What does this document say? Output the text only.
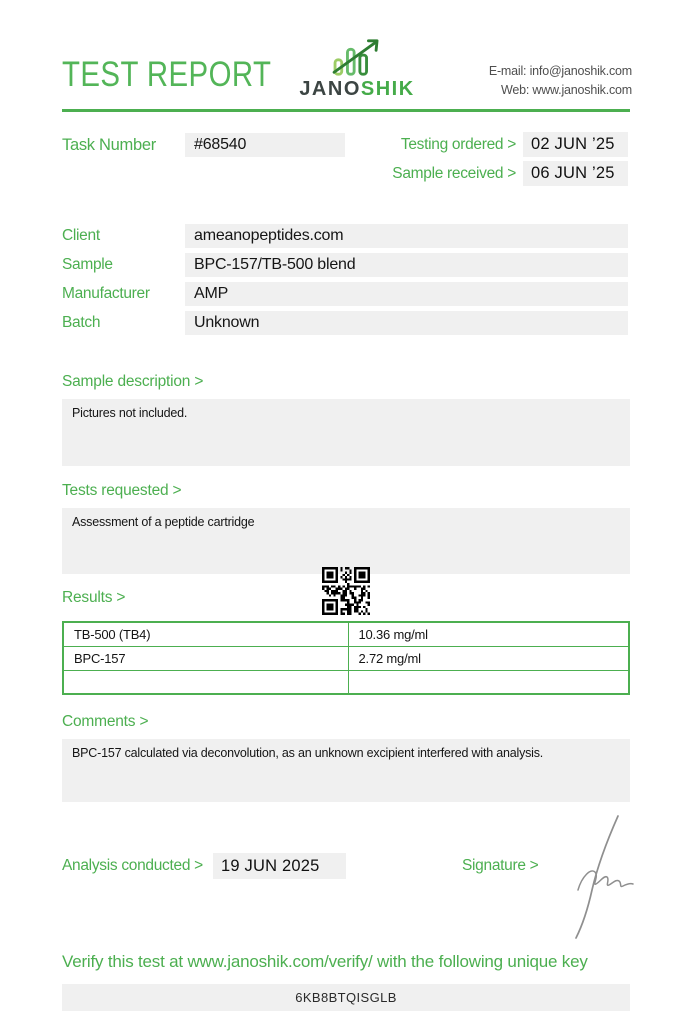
TEST REPORT	JANOSHIK
E-mail: info@janoshik.com
Web: www.janoshik.com
Task Number	#68540	Testing ordered > 02 JUN ’25
Sample received > 06 JUN ’25
Client	ameanopeptides.com
Sample	BPC-157/TB-500 blend
Manufacturer	AMP
Batch	Unknown
Sample description >
Pictures not included.
Tests requested >
Assessment of a peptide cartridge
Results >
TB-500 (TB4)	10.36 mg/ml
BPC-157	2.72 mg/ml

Comments >
BPC-157 calculated via deconvolution, as an unknown excipient interfered with analysis.
Analysis conducted >	19 JUN 2025	Signature >
Verify this test at www.janoshik.com/verify/ with the following unique key
6KB8BTQISGLB
